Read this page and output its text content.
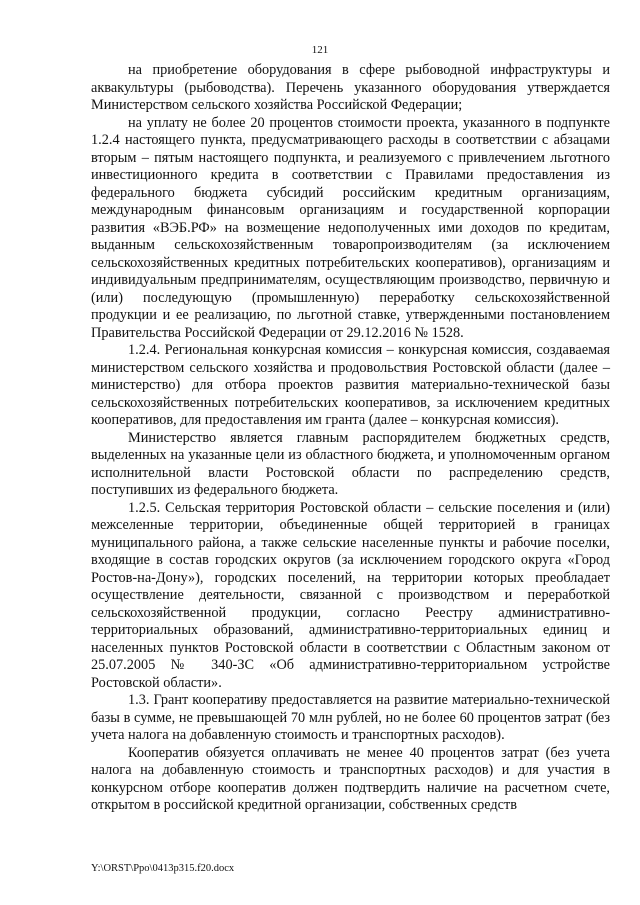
121

на приобретение оборудования в сфере рыбоводной инфраструктуры и аквакультуры (рыбоводства). Перечень указанного оборудования утверждается Министерством сельского хозяйства Российской Федерации;

на уплату не более 20 процентов стоимости проекта, указанного в подпункте 1.2.4 настоящего пункта, предусматривающего расходы в соответствии с абзацами вторым – пятым настоящего подпункта, и реализуемого с привлечением льготного инвестиционного кредита в соответствии с Правилами предоставления из федерального бюджета субсидий российским кредитным организациям, международным финансовым организациям и государственной корпорации развития «ВЭБ.РФ» на возмещение недополученных ими доходов по кредитам, выданным сельскохозяйственным товаропроизводителям (за исключением сельскохозяйственных кредитных потребительских кооперативов), организациям и индивидуальным предпринимателям, осуществляющим производство, первичную и (или) последующую (промышленную) переработку сельскохозяйственной продукции и ее реализацию, по льготной ставке, утвержденными постановлением Правительства Российской Федерации от 29.12.2016 № 1528.

1.2.4. Региональная конкурсная комиссия – конкурсная комиссия, создаваемая министерством сельского хозяйства и продовольствия Ростовской области (далее – министерство) для отбора проектов развития материально-технической базы сельскохозяйственных потребительских кооперативов, за исключением кредитных кооперативов, для предоставления им гранта (далее – конкурсная комиссия).

Министерство является главным распорядителем бюджетных средств, выделенных на указанные цели из областного бюджета, и уполномоченным органом исполнительной власти Ростовской области по распределению средств, поступивших из федерального бюджета.

1.2.5. Сельская территория Ростовской области – сельские поселения и (или) межселенные территории, объединенные общей территорией в границах муниципального района, а также сельские населенные пункты и рабочие поселки, входящие в состав городских округов (за исключением городского округа «Город Ростов-на-Дону»), городских поселений, на территории которых преобладает осуществление деятельности, связанной с производством и переработкой сельскохозяйственной продукции, согласно Реестру административно-территориальных образований, административно-территориальных единиц и населенных пунктов Ростовской области в соответствии с Областным законом от 25.07.2005 № 340-ЗС «Об административно-территориальном устройстве Ростовской области».

1.3. Грант кооперативу предоставляется на развитие материально-технической базы в сумме, не превышающей 70 млн рублей, но не более 60 процентов затрат (без учета налога на добавленную стоимость и транспортных расходов).

Кооператив обязуется оплачивать не менее 40 процентов затрат (без учета налога на добавленную стоимость и транспортных расходов) и для участия в конкурсном отборе кооператив должен подтвердить наличие на расчетном счете, открытом в российской кредитной организации, собственных средств

Y:\ORST\Ppo\0413p315.f20.docx
